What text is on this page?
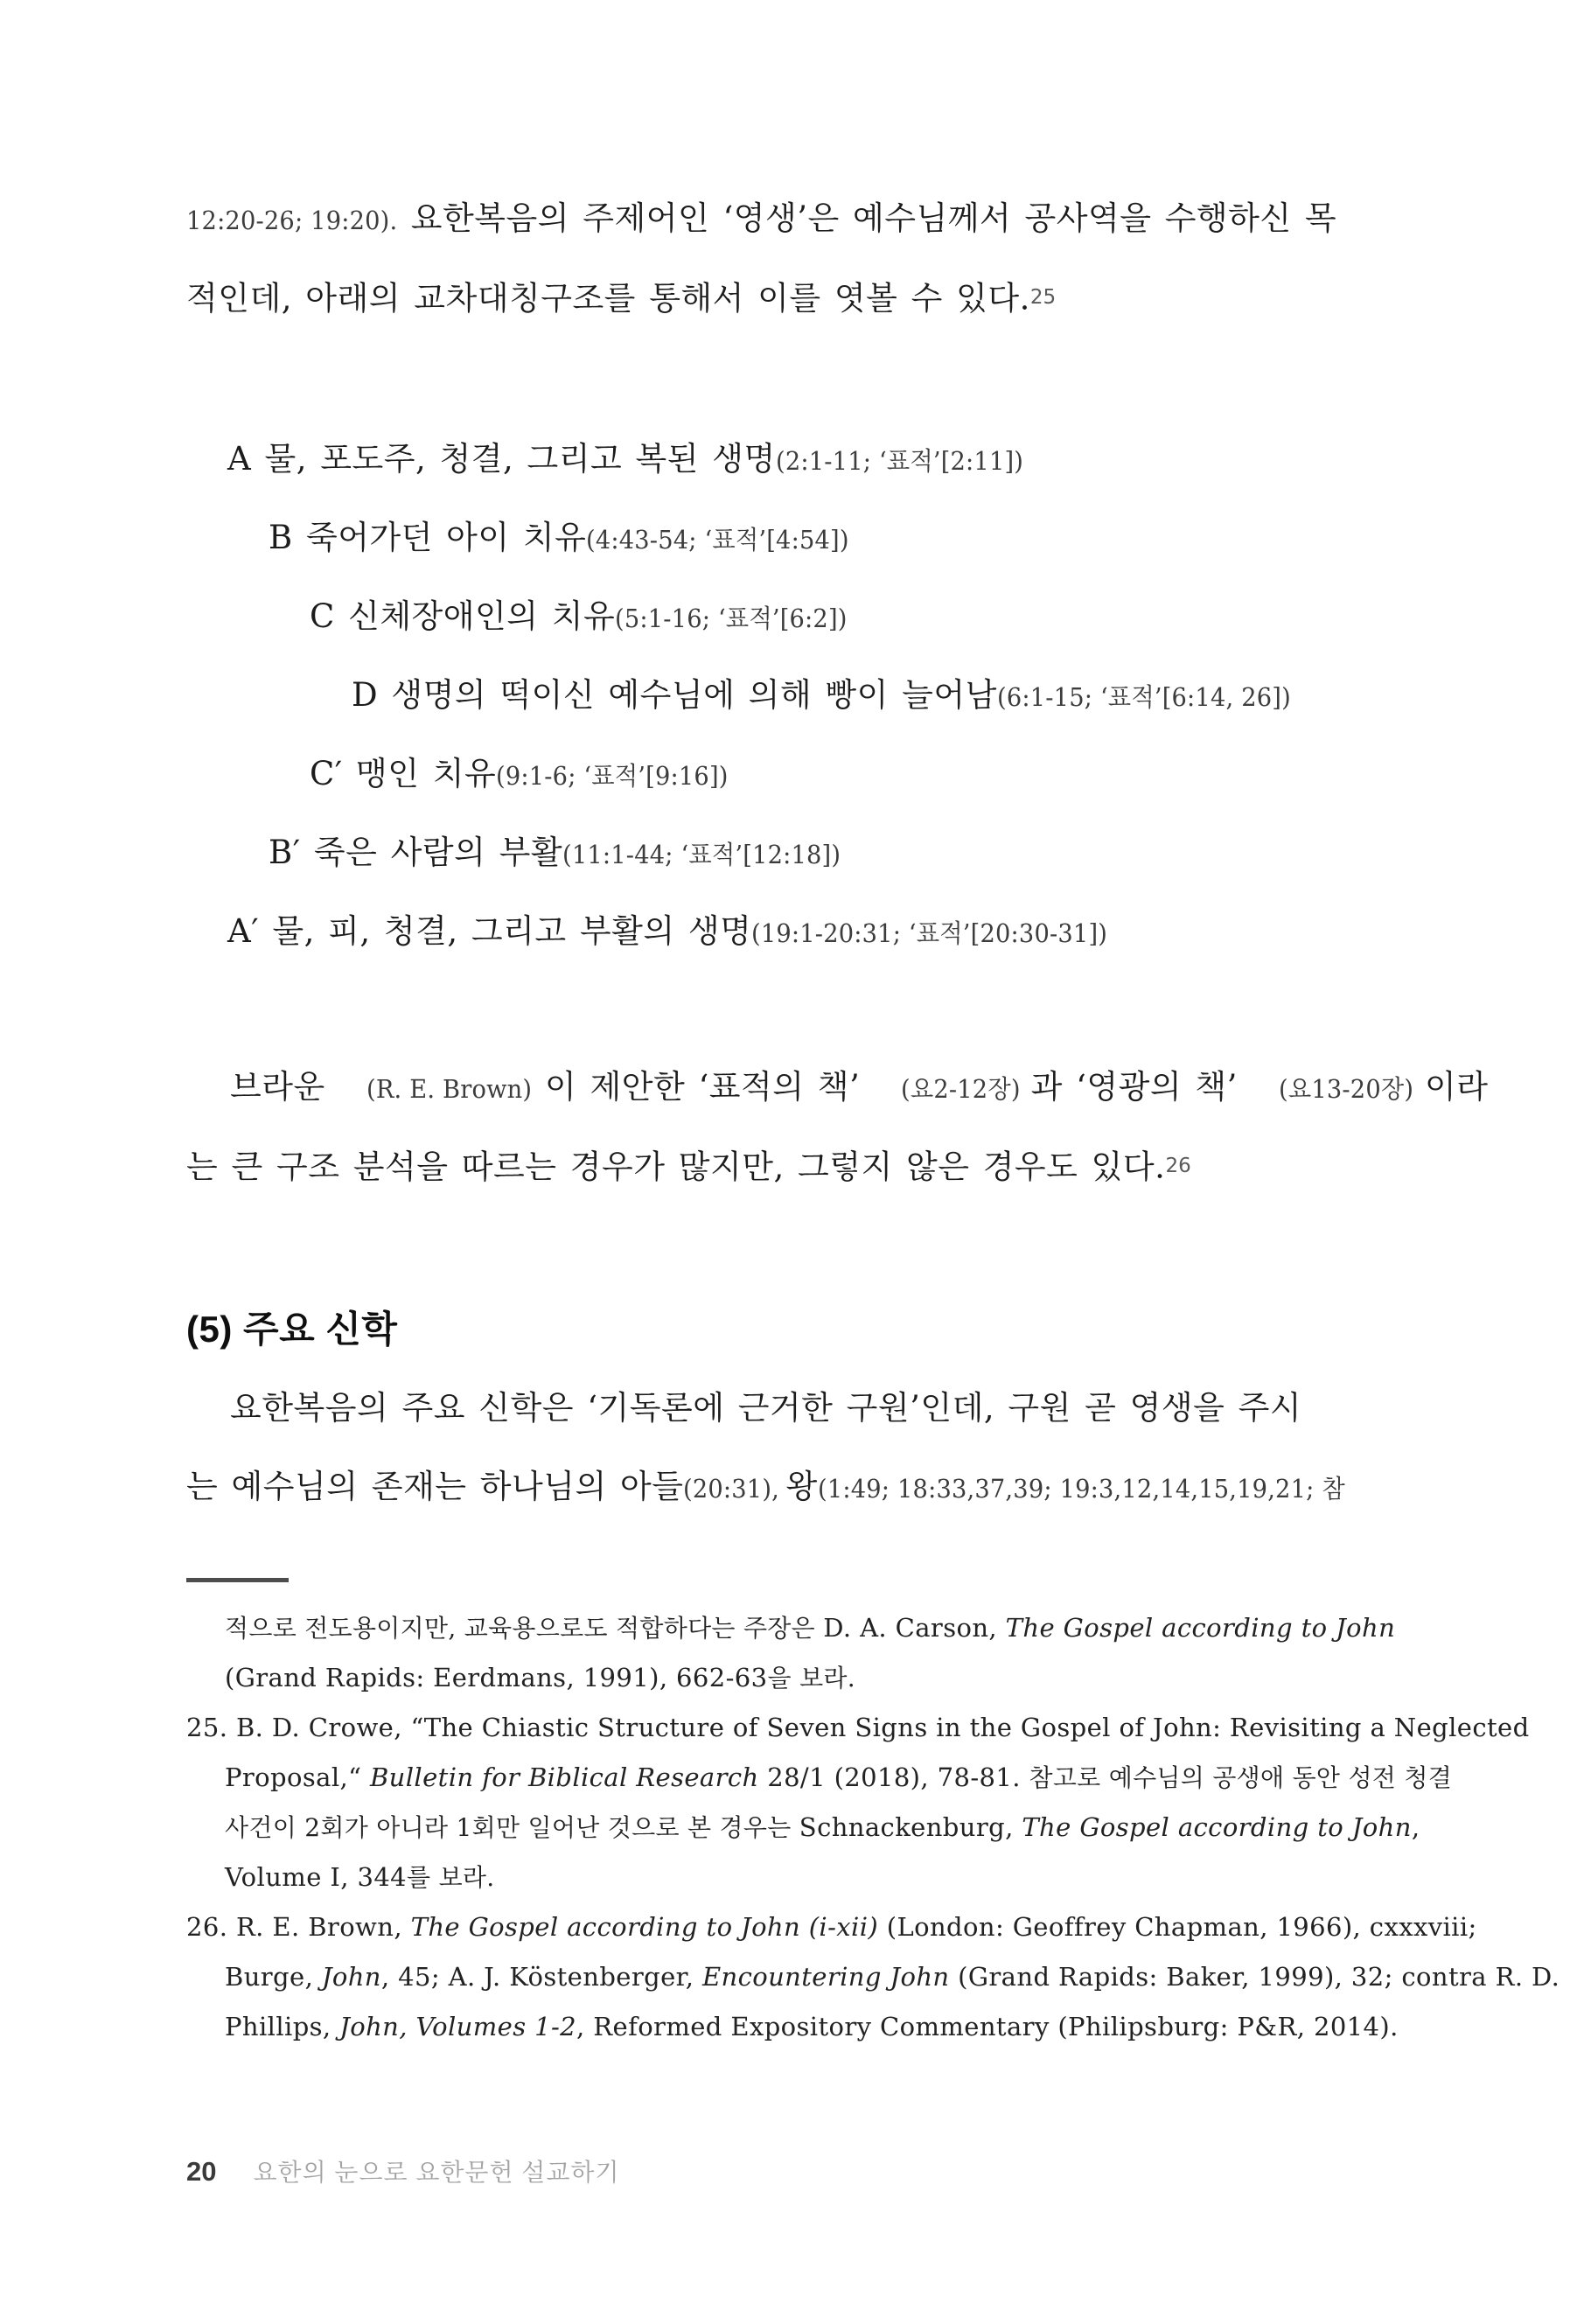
12:20-26; 19:20).요한복음의 주제어인 ‘영생’은 예수님께서 공사역을 수행하신 목
적인데, 아래의 교차대칭구조를 통해서 이를 엿볼 수 있다.25
A 물, 포도주, 청결, 그리고 복된 생명(2:1-11; ‘표적’[2:11])
B 죽어가던 아이 치유(4:43-54; ‘표적’[4:54])
C 신체장애인의 치유(5:1-16; ‘표적’[6:2])
D 생명의 떡이신 예수님에 의해 빵이 늘어남(6:1-15; ‘표적’[6:14, 26])
C′ 맹인 치유(9:1-6; ‘표적’[9:16])
B′ 죽은 사람의 부활(11:1-44; ‘표적’[12:18])
A′ 물, 피, 청결, 그리고 부활의 생명(19:1-20:31; ‘표적’[20:30-31])
브라운 (R. E. Brown) 이 제안한 ‘표적의 책’ (요2-12장) 과 ‘영광의 책’ (요13-20장) 이라
는 큰 구조 분석을 따르는 경우가 많지만, 그렇지 않은 경우도 있다.26
(5) 주요 신학
요한복음의 주요 신학은 ‘기독론에 근거한 구원’인데, 구원 곧 영생을 주시
는 예수님의 존재는 하나님의 아들(20:31),왕(1:49; 18:33,37,39; 19:3,12,14,15,19,21; 참
적으로 전도용이지만, 교육용으로도 적합하다는 주장은 D. A. Carson, The Gospel according to John
(Grand Rapids: Eerdmans, 1991), 662-63을 보라.
25. B. D. Crowe, “The Chiastic Structure of Seven Signs in the Gospel of John: Revisiting a Neglected
Proposal,“ Bulletin for Biblical Research 28/1 (2018), 78-81. 참고로 예수님의 공생애 동안 성전 청결
사건이 2회가 아니라 1회만 일어난 것으로 본 경우는 Schnackenburg, The Gospel according to John,
Volume I, 344를 보라.
26. R. E. Brown, The Gospel according to John (i-xii) (London: Geoffrey Chapman, 1966), cxxxviii;
Burge, John, 45; A. J. Köstenberger, Encountering John (Grand Rapids: Baker, 1999), 32; contra R. D.
Phillips, John, Volumes 1-2, Reformed Expository Commentary (Philipsburg: P&R, 2014).
20 요한의 눈으로 요한문헌 설교하기
